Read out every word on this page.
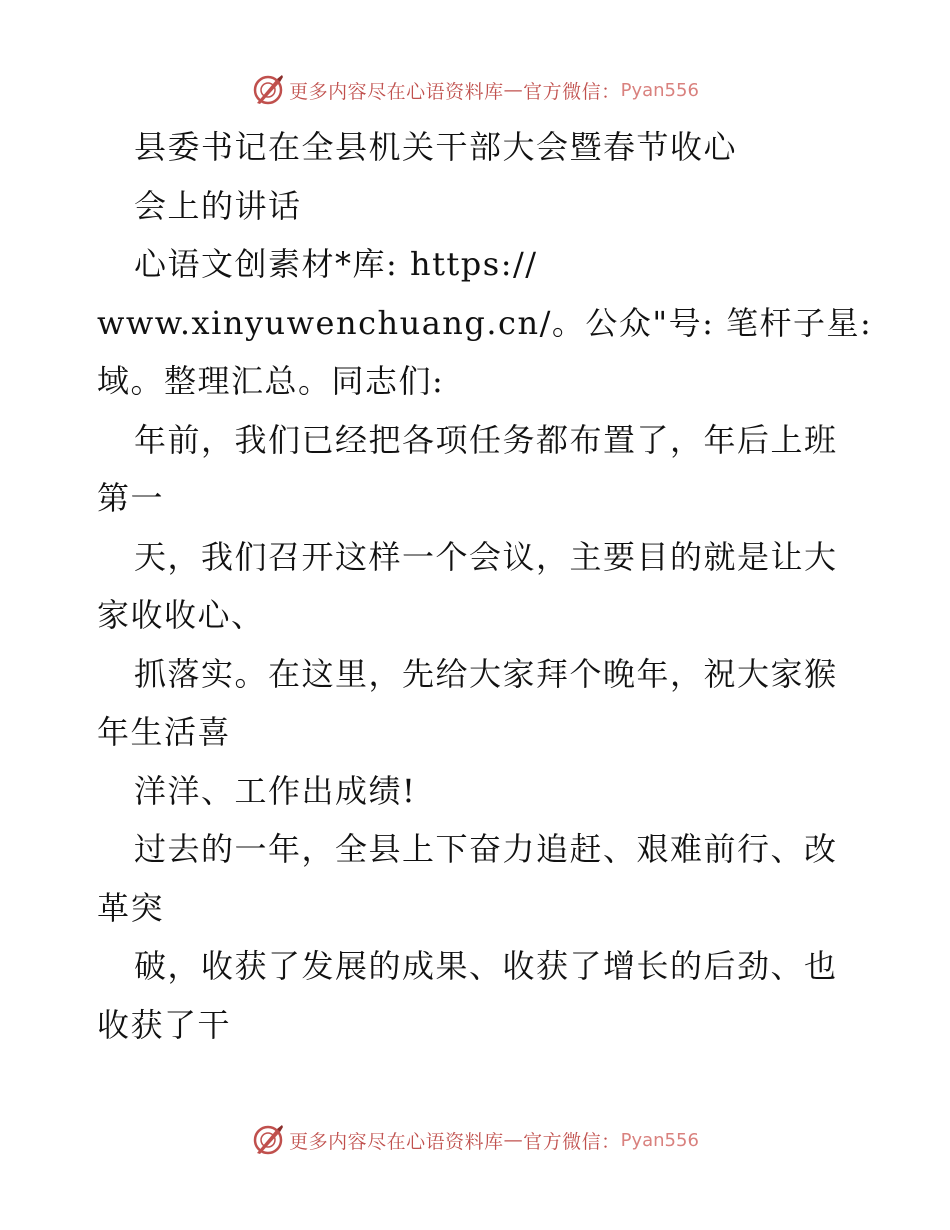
更多内容尽在心语资料库 — 官方微信： Pyan556
县委书记在全县机关干部大会暨春节收心
会上的讲话
心语文创素材*库: https://
www.xinyuwenchuang.cn/。公众"号: 笔杆子星:
域。整理汇总。同志们:
年前，我们已经把各项任务都布置了，年后上班
第一
天，我们召开这样一个会议，主要目的就是让大
家收收心、
抓落实。在这里，先给大家拜个晚年，祝大家猴
年生活喜
洋洋、工作出成绩!
过去的一年，全县上下奋力追赶、艰难前行、改
革突
破，收获了发展的成果、收获了增长的后劲、也
收获了干
更多内容尽在心语资料库 — 官方微信： Pyan556
